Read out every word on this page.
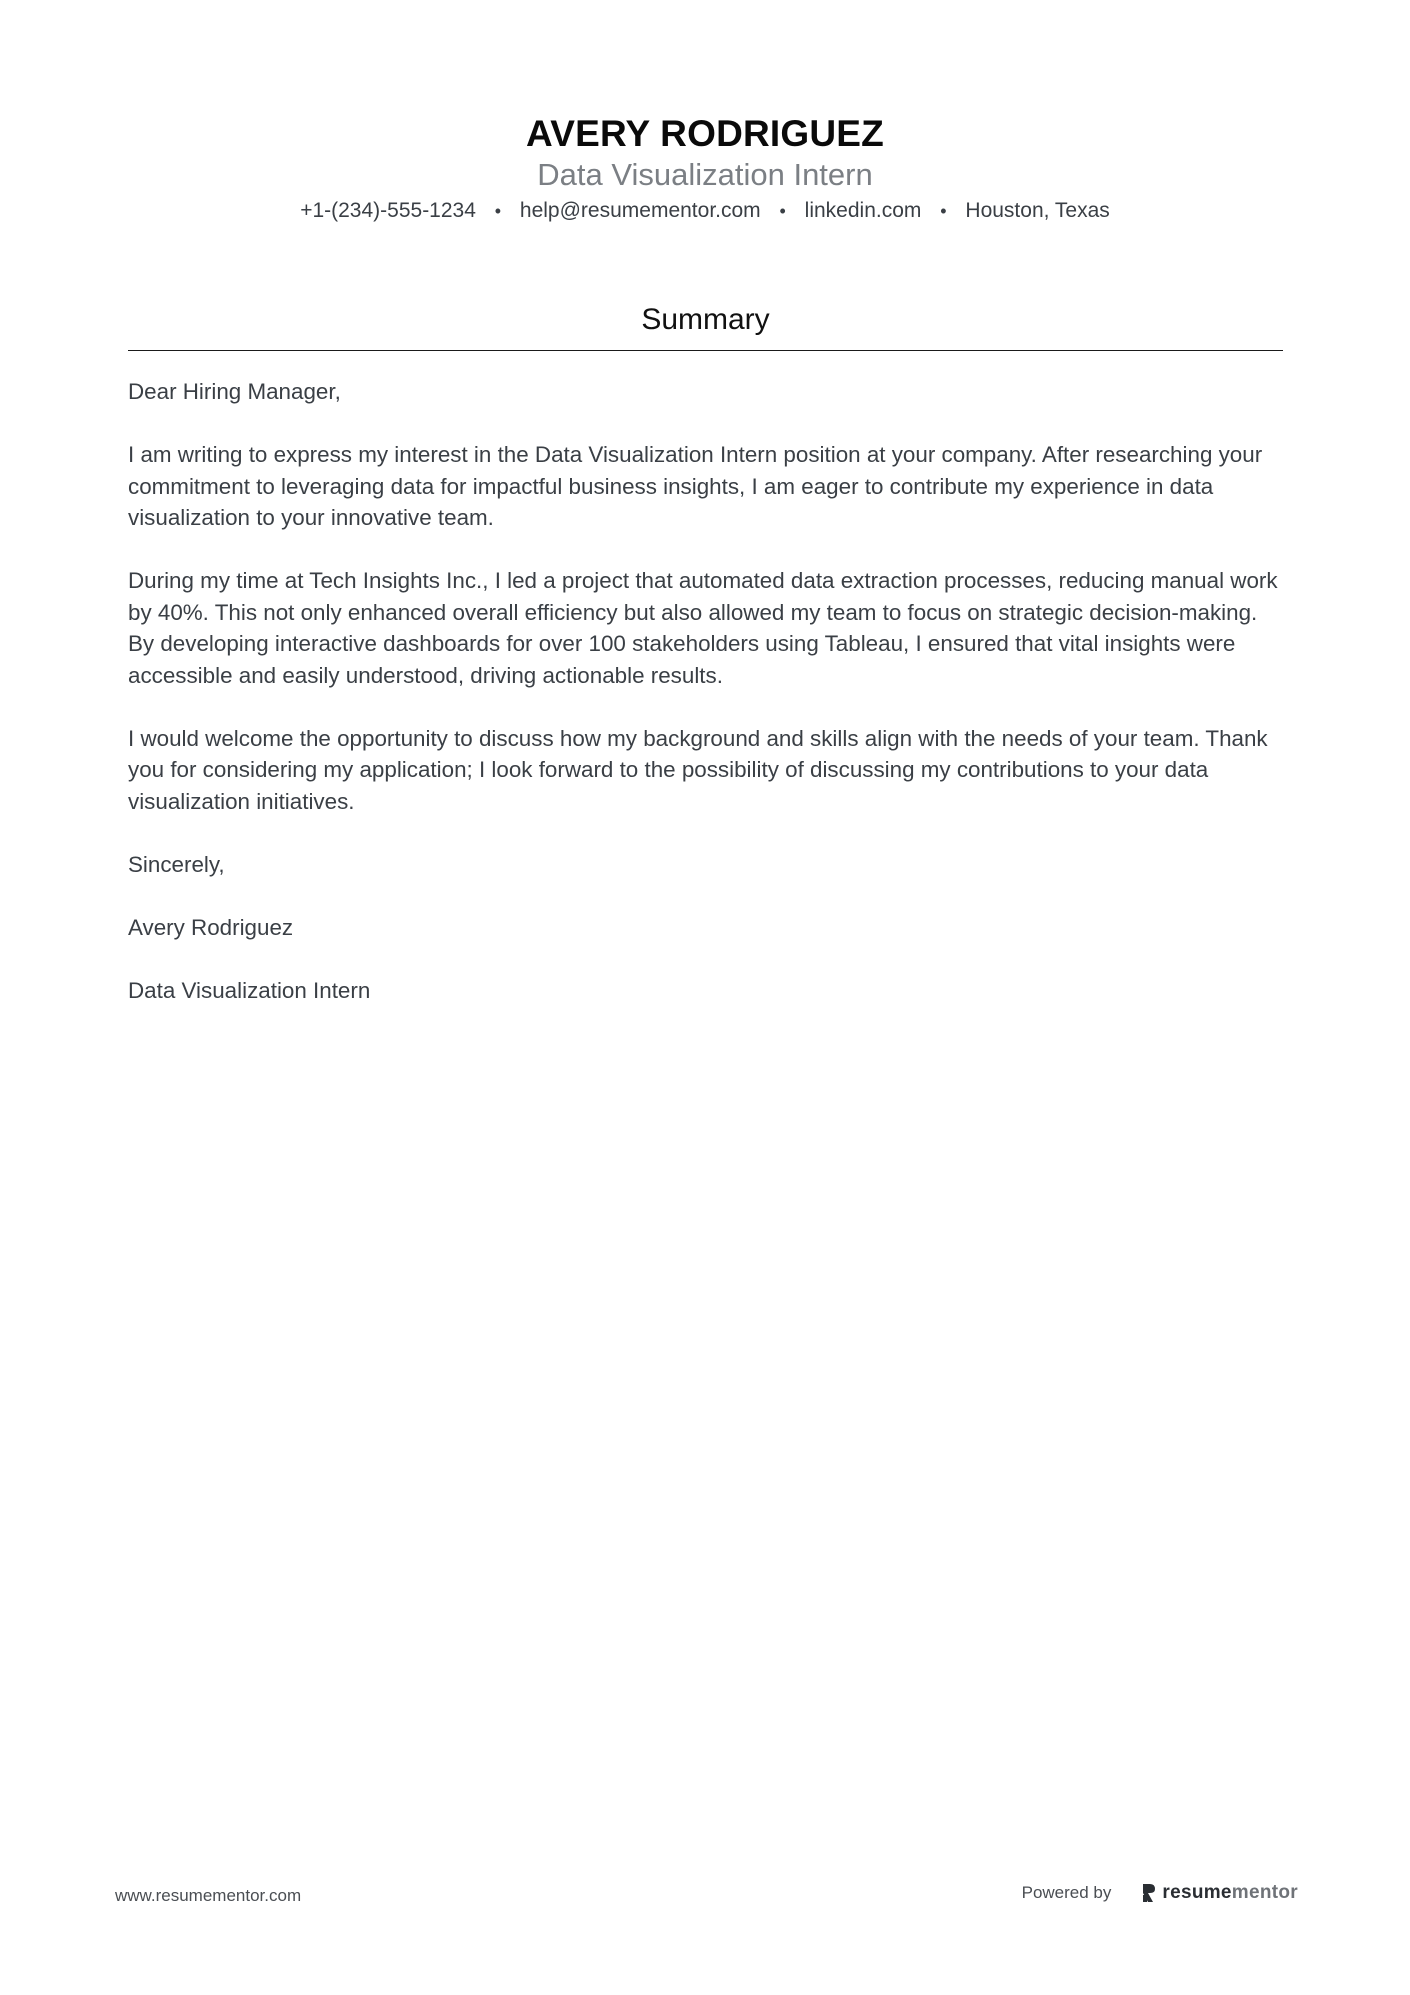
AVERY RODRIGUEZ
Data Visualization Intern
+1-(234)-555-1234 • help@resumementor.com • linkedin.com • Houston, Texas
Summary

Dear Hiring Manager,

I am writing to express my interest in the Data Visualization Intern position at your company. After researching your commitment to leveraging data for impactful business insights, I am eager to contribute my experience in data visualization to your innovative team.

During my time at Tech Insights Inc., I led a project that automated data extraction processes, reducing manual work by 40%. This not only enhanced overall efficiency but also allowed my team to focus on strategic decision-making. By developing interactive dashboards for over 100 stakeholders using Tableau, I ensured that vital insights were accessible and easily understood, driving actionable results.

I would welcome the opportunity to discuss how my background and skills align with the needs of your team. Thank you for considering my application; I look forward to the possibility of discussing my contributions to your data visualization initiatives.

Sincerely,

Avery Rodriguez

Data Visualization Intern

www.resumementor.com	Powered by	resume mentor
